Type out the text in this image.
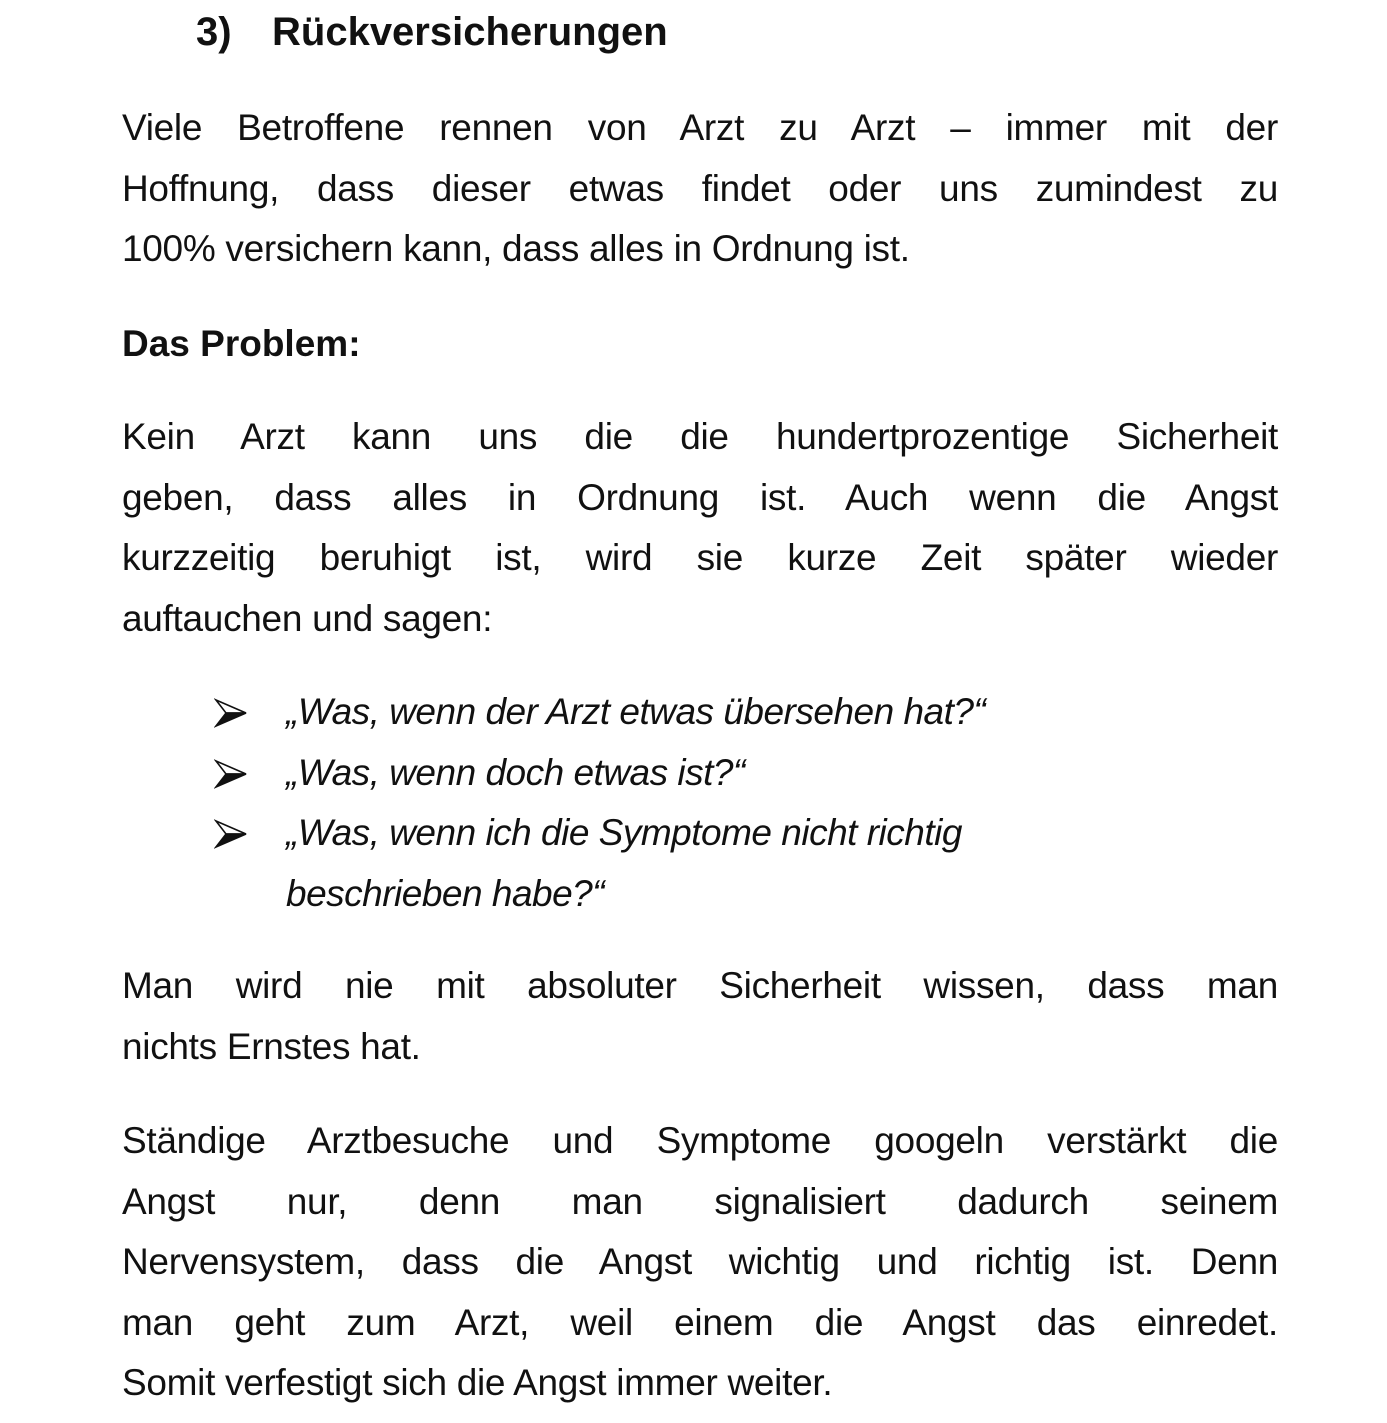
3) Rückversicherungen

Viele Betroffene rennen von Arzt zu Arzt – immer mit der
Hoffnung, dass dieser etwas findet oder uns zumindest zu
100% versichern kann, dass alles in Ordnung ist.

Das Problem:

Kein Arzt kann uns die die hundertprozentige Sicherheit
geben, dass alles in Ordnung ist. Auch wenn die Angst
kurzzeitig beruhigt ist, wird sie kurze Zeit später wieder
auftauchen und sagen:

„Was, wenn der Arzt etwas übersehen hat?“
„Was, wenn doch etwas ist?“
„Was, wenn ich die Symptome nicht richtig
beschrieben habe?“

Man wird nie mit absoluter Sicherheit wissen, dass man
nichts Ernstes hat.

Ständige Arztbesuche und Symptome googeln verstärkt die
Angst nur, denn man signalisiert dadurch seinem
Nervensystem, dass die Angst wichtig und richtig ist. Denn
man geht zum Arzt, weil einem die Angst das einredet.
Somit verfestigt sich die Angst immer weiter.
